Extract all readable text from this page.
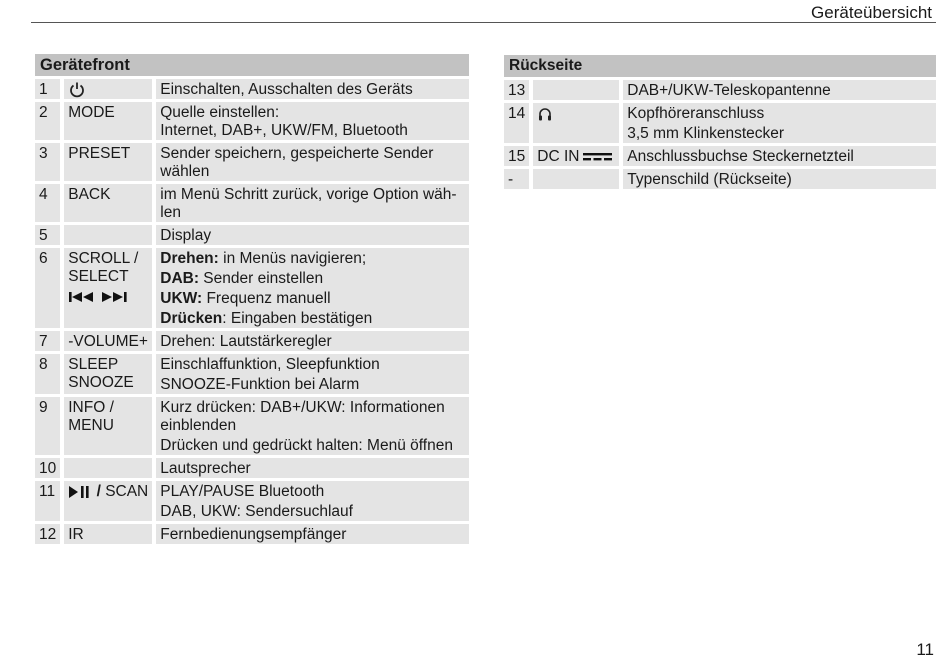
Geräteübersicht
Gerätefront		
1		Einschalten, Ausschalten des Geräts

2	MODE	Quelle einstellen:
Internet, DAB+, UKW/FM, Bluetooth
3	PRESET	Sender speichern, gespeicherte Sender wählen
4	BACK	im Menü Schritt zurück, vorige Option wäh-len
5		Display
6	SCROLL / SELECT	Drehen: in Menüs navigieren;
DAB: Sender einstellen
UKW: Frequenz manuell
Drücken: Eingaben bestätigen

7	-VOLUME+	Drehen: Lautstärkeregler
8	SLEEP SNOOZE	Einschlaffunktion, Sleepfunktion
SNOOZE-Funktion bei Alarm

9	INFO / MENU	Kurz drücken: DAB+/UKW: Informationen einblenden
Drücken und gedrückt halten: Menü öffnen

10		Lautsprecher
11	/ SCAN	PLAY/PAUSE Bluetooth
DAB, UKW: Sendersuchlauf

12	IR	Fernbedienungsempfänger
Rückseite		
13		DAB+/UKW-Teleskopantenne
14		Kopfhöreranschluss
3,5 mm Klinkenstecker

15	DC IN	Anschlussbuchse Steckernetzteil
-		Typenschild (Rückseite)
11
